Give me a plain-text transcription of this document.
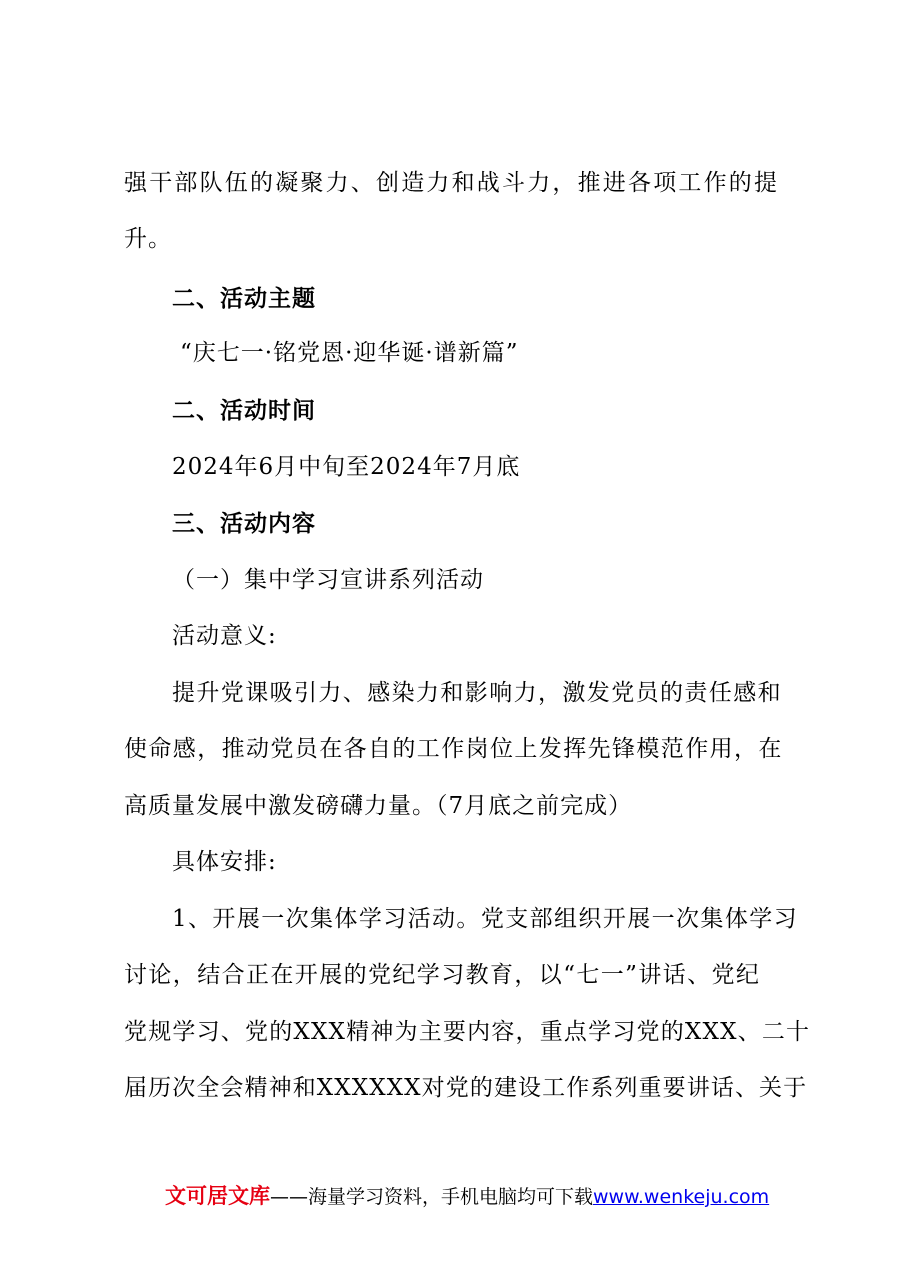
强干部队伍的凝聚力、创造力和战斗力，推进各项工作的提
升。
二、活动主题
“庆七一·铭党恩·迎华诞·谱新篇”
二、活动时间
2024年6月中旬至2024年7月底
三、活动内容
（一）集中学习宣讲系列活动
活动意义:
提升党课吸引力、感染力和影响力，激发党员的责任感和
使命感，推动党员在各自的工作岗位上发挥先锋模范作用，在
高质量发展中激发磅礴力量。（7月底之前完成）
具体安排:
1、开展一次集体学习活动。党支部组织开展一次集体学习
讨论，结合正在开展的党纪学习教育，以“七一”讲话、党纪
党规学习、党的XXX精神为主要内容，重点学习党的XXX、二十
届历次全会精神和XXXXXX对党的建设工作系列重要讲话、关于
文可居文库——海量学习资料，手机电脑均可下载www.wenkeju.com
